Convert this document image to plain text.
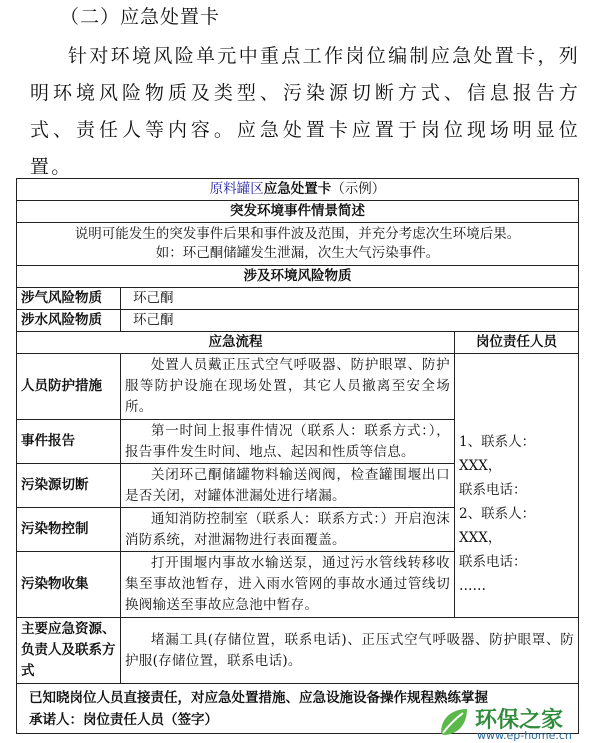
（二）应急处置卡
针对环境风险单元中重点工作岗位编制应急处置卡，列明环境风险物质及类型、污染源切断方式、信息报告方式、责任人等内容。应急处置卡应置于岗位现场明显位置。
原料罐区应急处置卡（示例）		
突发环境事件情景简述		

说明可能发生的突发事件后果和事件波及范围，并充分考虑次生环境后果。
如：环己酮储罐发生泄漏，次生大气污染事件。		

涉及环境风险物质		
涉气风险物质	环己酮	
涉水风险物质	环己酮	
应急流程		岗位责任人员
人员防护措施	处置人员戴正压式空气呼吸器、防护眼罩、防护服等防护设施在现场处置，其它人员撤离至安全场所。	1、联系人：XXX，
联系电话：
2、联系人：XXX，
联系电话：
……

事件报告	第一时间上报事件情况（联系人：联系方式：），报告事件发生时间、地点、起因和性质等信息。	
污染源切断	关闭环己酮储罐物料输送阀阀，检查罐围堰出口是否关闭，对罐体泄漏处进行堵漏。	
污染物控制	通知消防控制室（联系人：联系方式：）开启泡沫消防系统，对泄漏物进行表面覆盖。	
污染物收集	打开围堰内事故水输送泵，通过污水管线转移收集至事故池暂存，进入雨水管网的事故水通过管线切换阀输送至事故应急池中暂存。	
主要应急资源、负责人及联系方式	堵漏工具(存储位置，联系电话)、正压式空气呼吸器、防护眼罩、防护服(存储位置，联系电话)。	

已知晓岗位人员直接责任，对应急处置措施、应急设施设备操作规程熟练掌握
承诺人：岗位责任人员（签字）			环保之家
www.ep-home.cn
